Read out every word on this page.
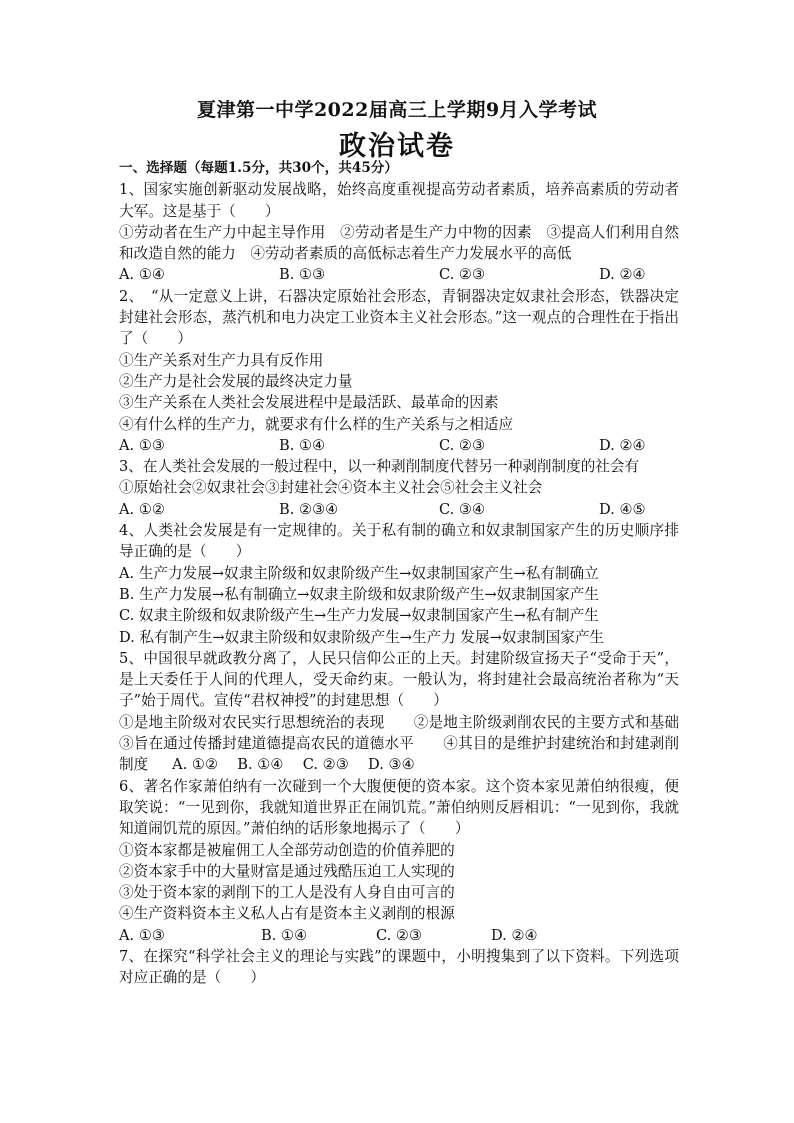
夏津第一中学2022届高三上学期9月入学考试
政治试卷
一、选择题（每题1.5分，共30个，共45分）
1、国家实施创新驱动发展战略，始终高度重视提高劳动者素质，培养高素质的劳动者大军。这是基于（　　）
①劳动者在生产力中起主导作用　②劳动者是生产力中物的因素　③提高人们利用自然和改造自然的能力　④劳动者素质的高低标志着生产力发展水平的高低
A. ①④	B. ①③	C. ②③	D. ②④
2、　“从一定意义上讲，石器决定原始社会形态，青铜器决定奴隶社会形态，铁器决定封建社会形态，蒸汽机和电力决定工业资本主义社会形态。”这一观点的合理性在于指出了（　　）
①生产关系对生产力具有反作用
②生产力是社会发展的最终决定力量
③生产关系在人类社会发展进程中是最活跃、最革命的因素
④有什么样的生产力，就要求有什么样的生产关系与之相适应
A. ①③	B. ①④	C. ②③	D. ②④
3、在人类社会发展的一般过程中，以一种剥削制度代替另一种剥削制度的社会有
①原始社会②奴隶社会③封建社会④资本主义社会⑤社会主义社会
A. ①②	B. ②③④	C. ③④	D. ④⑤
4、人类社会发展是有一定规律的。关于私有制的确立和奴隶制国家产生的历史顺序排导正确的是（　　）
A. 生产力发展→奴隶主阶级和奴隶阶级产生→奴隶制国家产生→私有制确立
B. 生产力发展→私有制确立→奴隶主阶级和奴隶阶级产生→奴隶制国家产生
C. 奴隶主阶级和奴隶阶级产生→生产力发展→奴隶制国家产生→私有制产生
D. 私有制产生→奴隶主阶级和奴隶阶级产生→生产力 发展→奴隶制国家产生
5、中国很早就政教分离了，人民只信仰公正的上天。封建阶级宣扬天子“受命于天”，是上天委任于人间的代理人，受天命约束。一般认为，将封建社会最高统治者称为“天子”始于周代。宣传“君权神授”的封建思想（　　）
①是地主阶级对农民实行思想统治的表现　　②是地主阶级剥削农民的主要方式和基础③旨在通过传播封建道德提高农民的道德水平　　④其目的是维护封建统治和封建剥削制度 　 A. ①②　 B. ①④　 C. ②③　 D. ③④
6、著名作家萧伯纳有一次碰到一个大腹便便的资本家。这个资本家见萧伯纳很瘦，便取笑说：“一见到你，我就知道世界正在闹饥荒。”萧伯纳则反唇相讥：“一见到你，我就知道闹饥荒的原因。”萧伯纳的话形象地揭示了（　　）
①资本家都是被雇佣工人全部劳动创造的价值养肥的
②资本家手中的大量财富是通过残酷压迫工人实现的
③处于资本家的剥削下的工人是没有人身自由可言的
④生产资料资本主义私人占有是资本主义剥削的根源
A. ①③	B. ①④	C. ②③	D. ②④
7、在探究“科学社会主义的理论与实践”的课题中，小明搜集到了以下资料。下列选项对应正确的是（　　）
